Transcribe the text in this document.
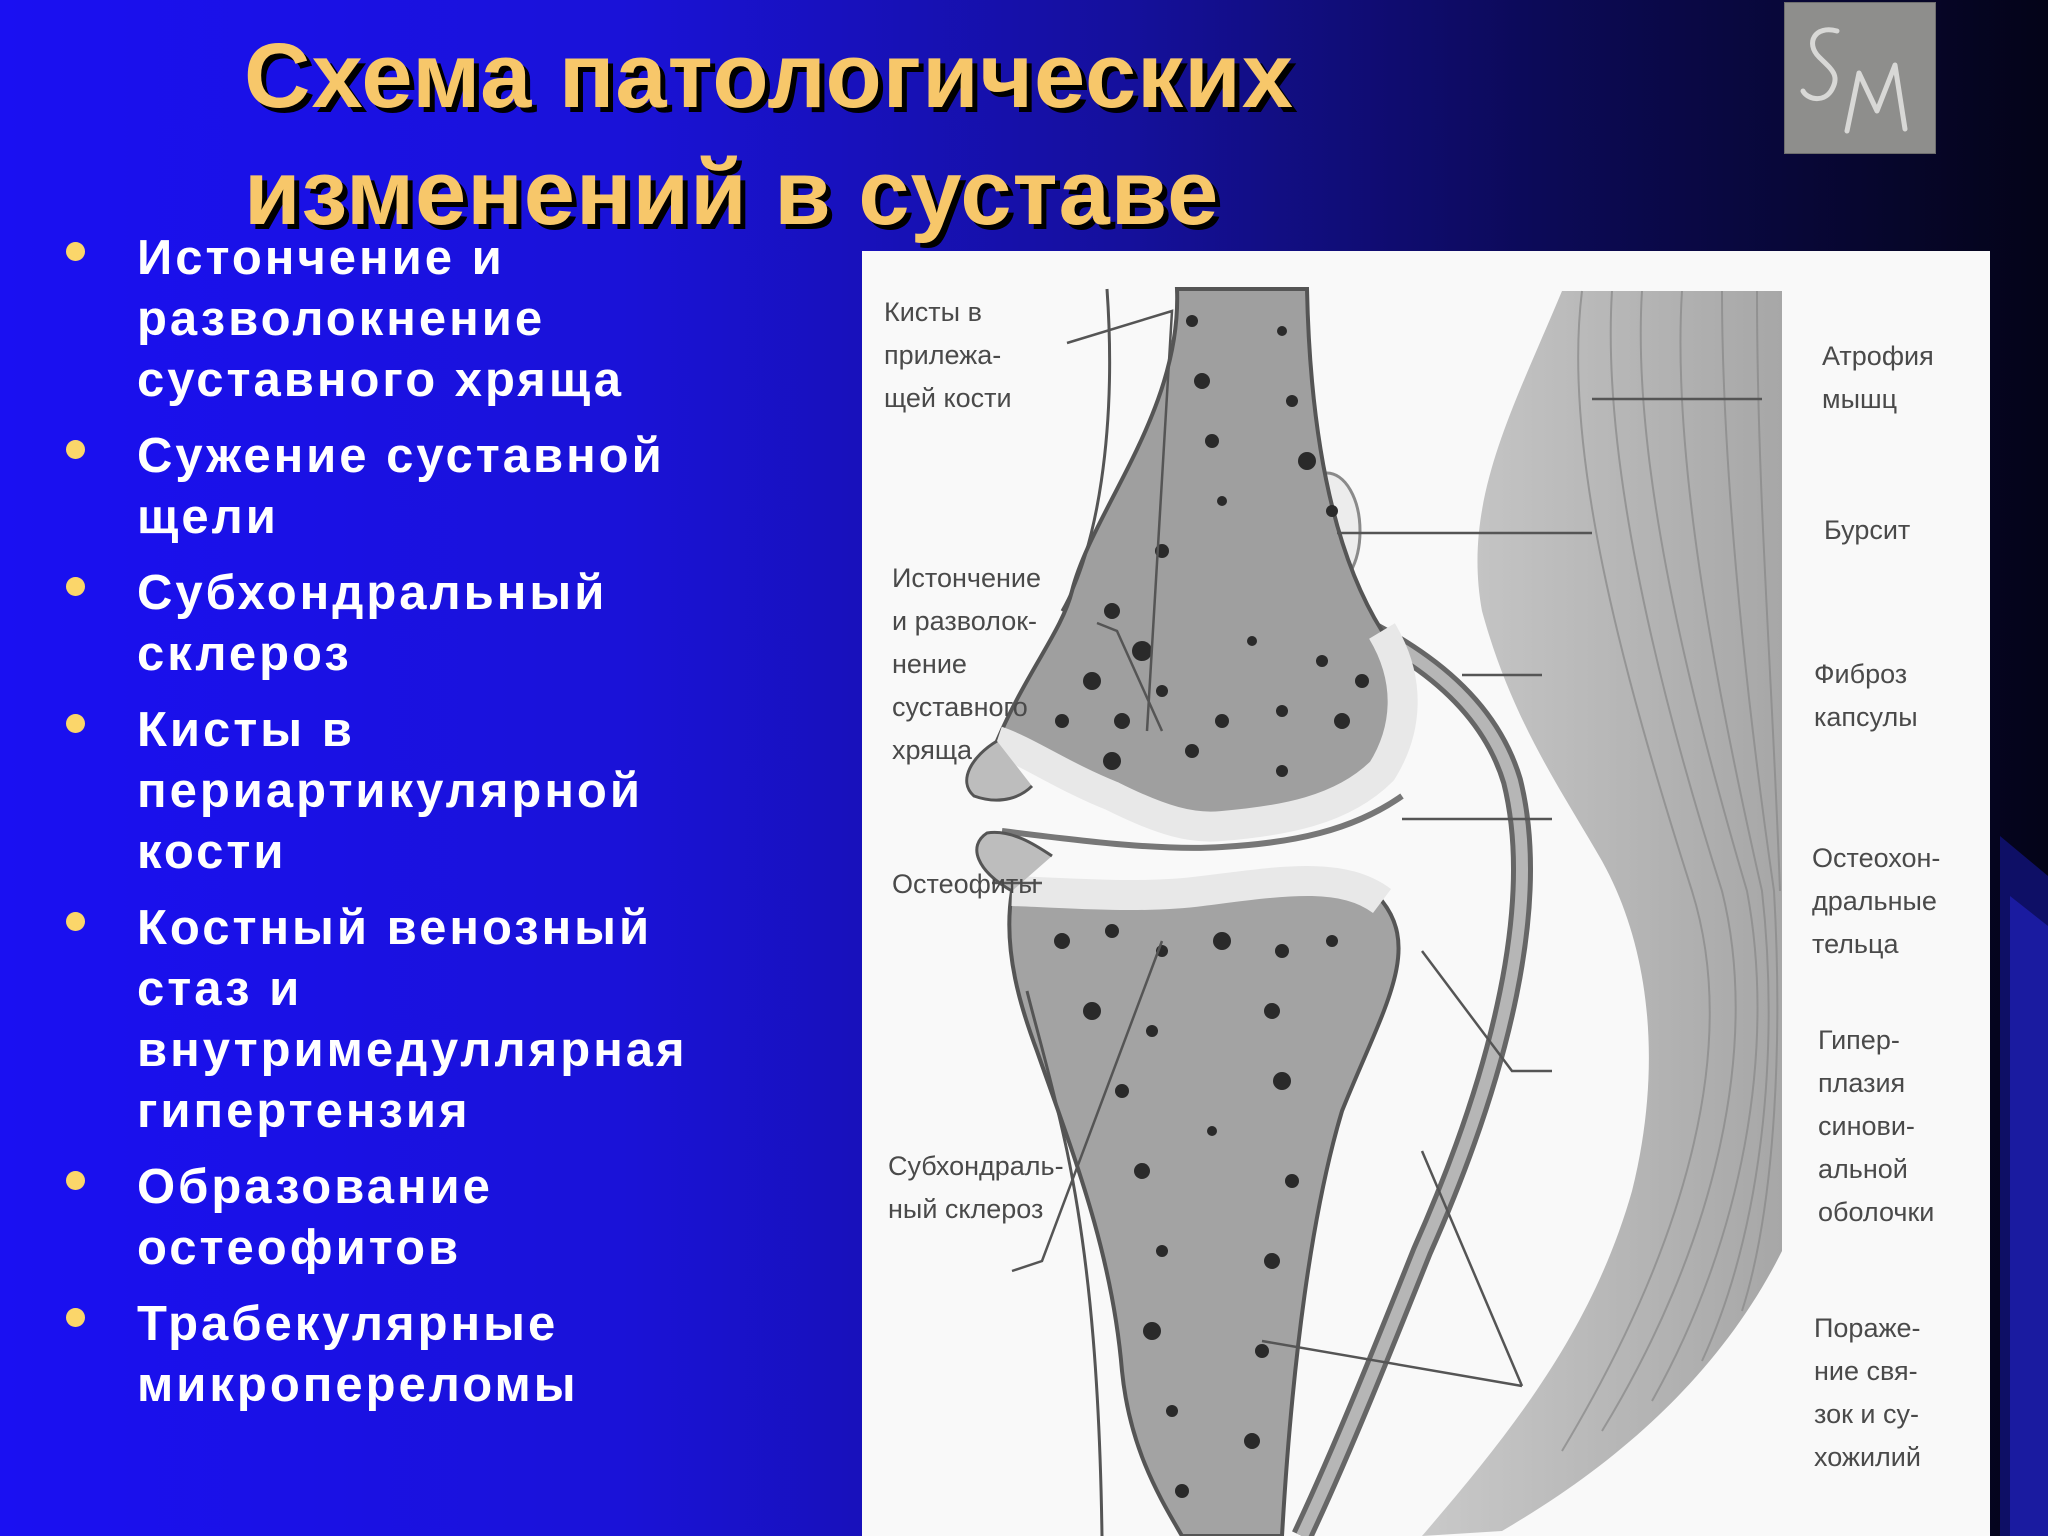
Схема патологических
изменений в суставе
Истончение и
разволокнение
суставного хряща
Сужение суставной
щели
Субхондральный
склероз
Кисты в
периартикулярной
кости
Костный венозный
стаз и
внутримедуллярная
гипертензия
Образование
остеофитов
Трабекулярные
микропереломы
Кисты в
прилежа-
щей кости
Истончение
и разволок-
нение
суставного
хряща
Остеофиты
Субхондраль-
ный склероз
Атрофия
мышц
Бурсит
Фиброз
капсулы
Остеохон-
дральные
тельца
Гипер-
плазия
синови-
альной
оболочки
Пораже-
ние свя-
зок и су-
хожилий
